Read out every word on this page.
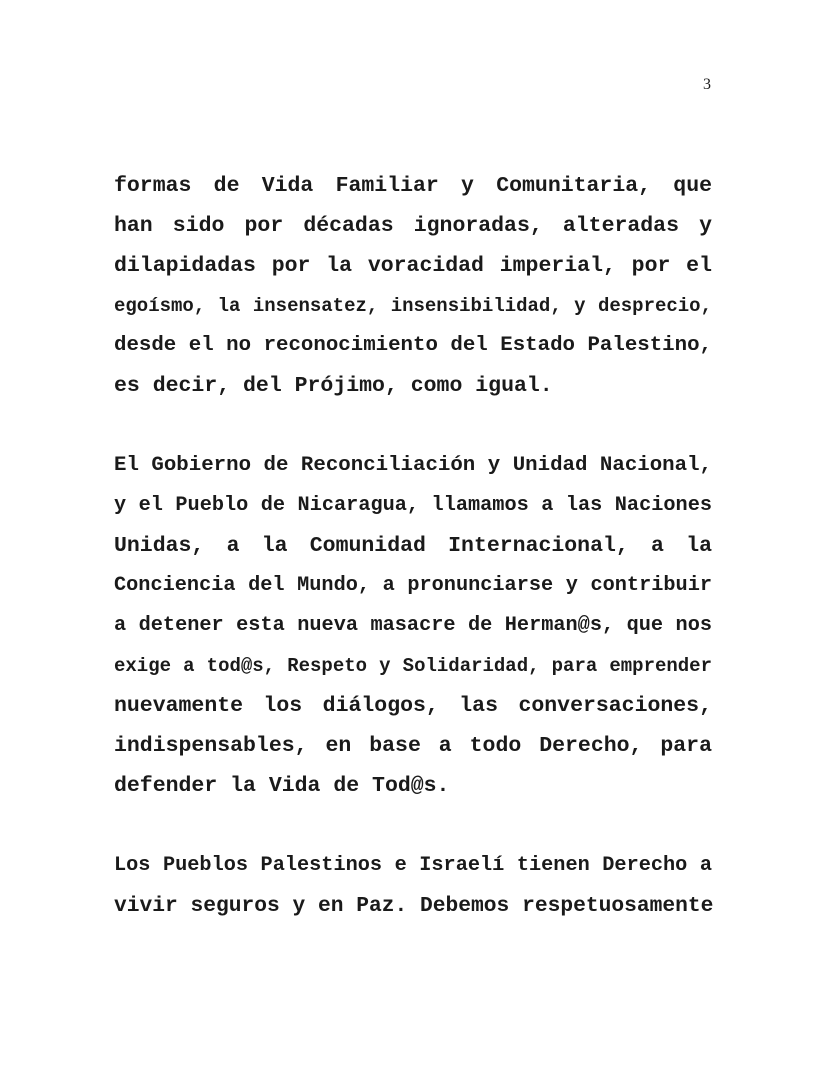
3
formas de Vida Familiar y Comunitaria, que
han sido por décadas ignoradas, alteradas y
dilapidadas por la voracidad imperial, por el
egoísmo, la insensatez, insensibilidad, y desprecio,
desde el no reconocimiento del Estado Palestino,
es decir, del Prójimo, como igual.
El Gobierno de Reconciliación y Unidad Nacional,
y el Pueblo de Nicaragua, llamamos a las Naciones
Unidas, a la Comunidad Internacional, a la
Conciencia del Mundo, a pronunciarse y contribuir
a detener esta nueva masacre de Herman@s, que nos
exige a tod@s, Respeto y Solidaridad, para emprender
nuevamente los diálogos, las conversaciones,
indispensables, en base a todo Derecho, para
defender la Vida de Tod@s.
Los Pueblos Palestinos e Israelí tienen Derecho a
vivir seguros y en Paz. Debemos respetuosamente
